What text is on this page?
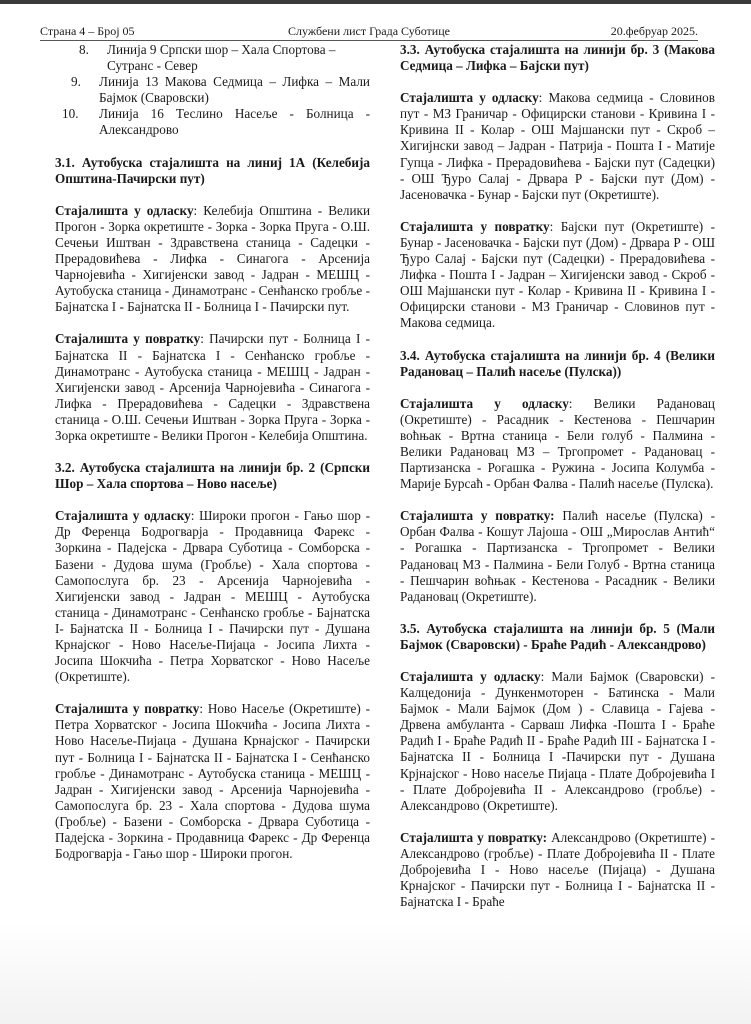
Страна 4 – Број 05	Службени лист Града Суботице	20.фебруар 2025.
8. Линија 9 Српски шор – Хала Спортова –
Сутранс - Север
9. Линија 13 Макова Седмица – Лифка – Мали Бајмок (Сваровски)
10. Линија 16 Теслино Насеље - Болница - Александрово

3.1. Аутобуска стајалишта на линиј 1А (Келебија Општина-Пачирски пут)

Стајалишта у одласку: Келебија Општина - Велики Прогон - Зорка окретиште - Зорка - Зорка Пруга - О.Ш. Сечењи Иштван - Здравствена станица - Садецки - Прерадовићева - Лифка - Синагога - Арсенија Чарнојевића - Хигијенски завод - Јадран - МЕШЦ - Аутобуска станица - Динамотранс - Сенћанско гробље - Бајнатска I - Бајнатска II - Болница I - Пачирски пут.

Стајалишта у повратку: Пачирски пут - Болница I - Бајнатска II - Бајнатска I - Сенћанско гробље - Динамотранс - Аутобуска станица - МЕШЦ - Јадран - Хигијенски завод - Арсенија Чарнојевића - Синагога - Лифка - Прерадовићева - Садецки - Здравствена станица - О.Ш. Сечењи Иштван - Зорка Пруга - Зорка - Зорка окретиште - Велики Прогон - Келебија Општина.

3.2. Аутобуска стајалишта на линији бр. 2 (Српски Шор – Хала спортова – Ново насеље)

Стајалишта у одласку: Широки прогон - Гањо шор - Др Ференца Бодрогварја - Продавница Фарекс - Зоркина - Падејска - Дрвара Суботица - Сомборска - Базени - Дудова шума (Гробље) - Хала спортова - Самопослуга бр. 23 - Арсенија Чарнојевића - Хигијенски завод - Јадран - МЕШЦ - Аутобуска станица - Динамотранс - Сенћанско гробље - Бајнатска I- Бајнатска II - Болница I - Пачирски пут - Душана Крнајског - Ново Насеље-Пијаца - Јосипа Лихта - Јосипа Шокчића - Петра Хорватског - Ново Насеље (Окретиште).

Стајалишта у повратку: Ново Насеље (Окретиште) - Петра Хорватског - Јосипа Шокчића - Јосипа Лихта - Ново Насеље-Пијаца - Душана Крнајског - Пачирски пут - Болница I - Бајнатска II - Бајнатска I - Сенћанско гробље - Динамотранс - Аутобуска станица - МЕШЦ - Јадран - Хигијенски завод - Арсенија Чарнојевића - Самопослуга бр. 23 - Хала спортова - Дудова шума (Гробље) - Базени - Сомборска - Дрвара Суботица - Падејска - Зоркина - Продавница Фарекс - Др Ференца Бодрогварја - Гањо шор - Широки прогон.

3.3. Аутобуска стајалишта на линији бр. 3 (Макова Седмица – Лифка – Бајски пут)

Стајалишта у одласку: Макова седмица - Словинов пут - МЗ Граничар - Официрски станови - Кривина I - Кривина II - Колар - ОШ Мајшански пут - Скроб – Хигијнски завод – Јадран - Патрија - Пошта I - Матије Гупца - Лифка - Прерадовићева - Бајски пут (Садецки) - ОШ Ђуро Салај - Дрвара Р - Бајски пут (Дом) - Јасеновачка - Бунар - Бајски пут (Окретиште).

Стајалишта у повратку: Бајски пут (Окретиште) - Бунар - Јасеновачка - Бајски пут (Дом) - Дрвара Р - ОШ Ђуро Салај - Бајски пут (Садецки) - Прерадовићева - Лифка - Пошта I - Јадран – Хигијенски завод - Скроб - ОШ Мајшански пут - Колар - Кривина II - Кривина I - Официрски станови - МЗ Граничар - Словинов пут - Макова седмица.

3.4. Аутобуска стајалишта на линији бр. 4 (Велики Радановац – Палић насеље (Пулска))

Стајалишта у одласку: Велики Радановац (Окретиште) - Расадник - Кестенова - Пешчарин воћњак - Вртна станица - Бели голуб - Палмина - Велики Радановац МЗ – Тргопромет - Радановац - Партизанска - Рогашка - Ружина - Јосипа Колумба - Марије Бурсаћ - Орбан Фалва - Палић насеље (Пулска).

Стајалишта у повратку: Палић насеље (Пулска) - Орбан Фалва - Кошут Лајоша - ОШ „Мирослав Антић“ - Рогашка - Партизанска - Тргопромет - Велики Радановац МЗ - Палмина - Бели Голуб - Вртна станица - Пешчарин воћњак - Кестенова - Расадник - Велики Радановац (Окретиште).

3.5. Аутобуска стајалишта на линији бр. 5 (Мали Бајмок (Сваровски) - Браће Радић - Александрово)

Стајалишта у одласку: Мали Бајмок (Сваровски) - Калцедонија - Дункенмоторен - Батинска - Мали Бајмок - Мали Бајмок (Дом ) - Славица - Гајева - Дрвена амбуланта - Сарваш Лифка -Пошта I - Браће Радић I - Браће Радић II - Браће Радић III - Бајнатска I - Бајнатска II - Болница I -Пачирски пут - Душана Крјнајског - Ново насеље Пијаца - Плате Добројевића I - Плате Добројевића II - Александрово (гробље) - Александрово (Окретиште).

Стајалишта у повратку: Александрово (Окретиште) - Александрово (гробље) - Плате Добројевића II - Плате Добројевића I - Ново насеље (Пијаца) - Душана Крнајског - Пачирски пут - Болница I - Бајнатска II - Бајнатска I - Браће
